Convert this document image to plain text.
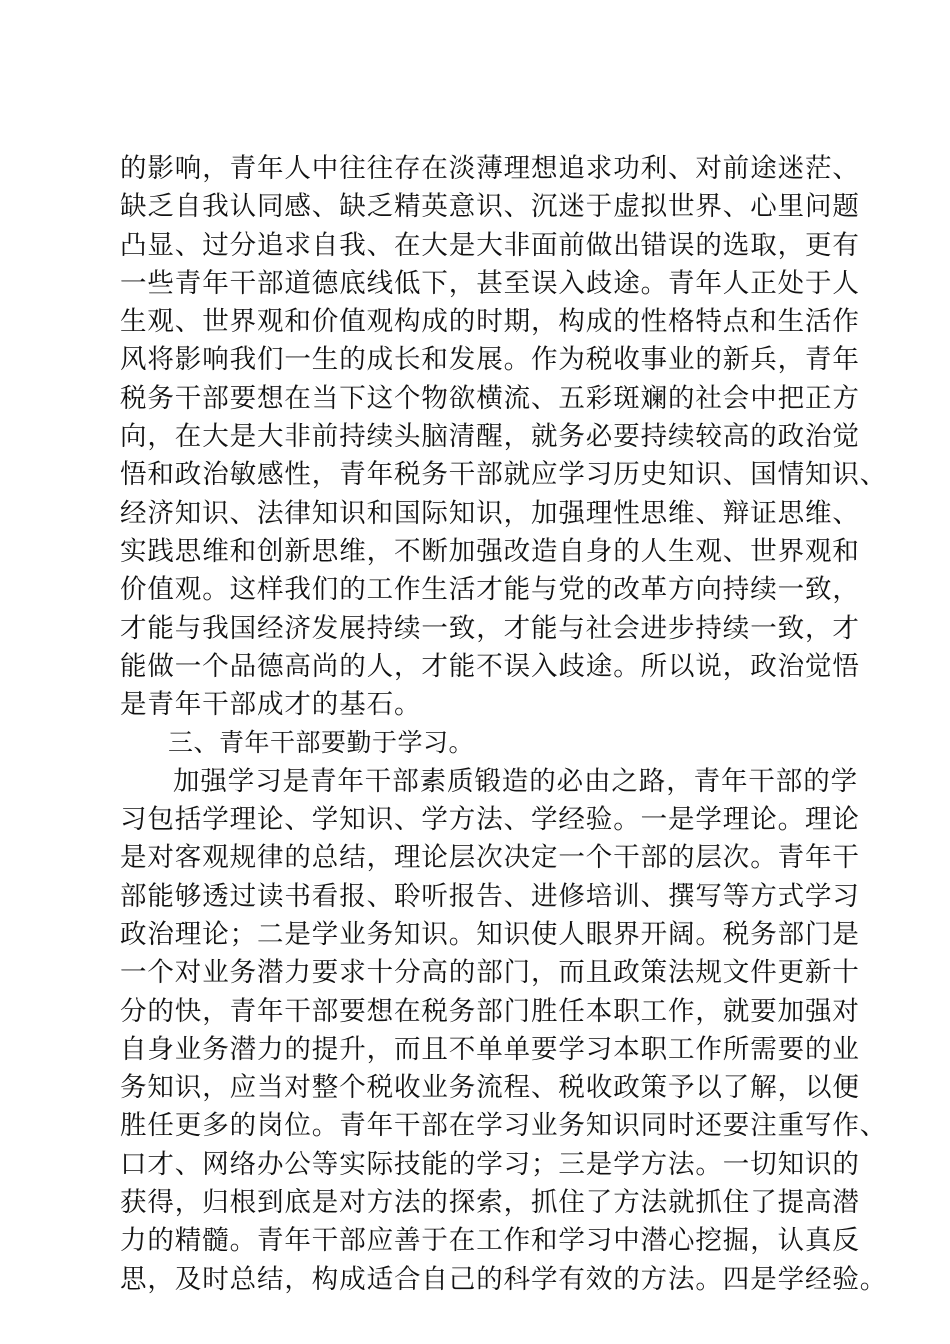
的影响，青年人中往往存在淡薄理想追求功利、对前途迷茫、
缺乏自我认同感、缺乏精英意识、沉迷于虚拟世界、心里问题
凸显、过分追求自我、在大是大非面前做出错误的选取，更有
一些青年干部道德底线低下，甚至误入歧途。青年人正处于人
生观、世界观和价值观构成的时期，构成的性格特点和生活作
风将影响我们一生的成长和发展。作为税收事业的新兵，青年
税务干部要想在当下这个物欲横流、五彩斑斓的社会中把正方
向，在大是大非前持续头脑清醒，就务必要持续较高的政治觉
悟和政治敏感性，青年税务干部就应学习历史知识、国情知识、
经济知识、法律知识和国际知识，加强理性思维、辩证思维、
实践思维和创新思维，不断加强改造自身的人生观、世界观和
价值观。这样我们的工作生活才能与党的改革方向持续一致，
才能与我国经济发展持续一致，才能与社会进步持续一致，才
能做一个品德高尚的人，才能不误入歧途。所以说，政治觉悟
是青年干部成才的基石。
三、青年干部要勤于学习。
加强学习是青年干部素质锻造的必由之路，青年干部的学
习包括学理论、学知识、学方法、学经验。一是学理论。理论
是对客观规律的总结，理论层次决定一个干部的层次。青年干
部能够透过读书看报、聆听报告、进修培训、撰写等方式学习
政治理论；二是学业务知识。知识使人眼界开阔。税务部门是
一个对业务潜力要求十分高的部门，而且政策法规文件更新十
分的快，青年干部要想在税务部门胜任本职工作，就要加强对
自身业务潜力的提升，而且不单单要学习本职工作所需要的业
务知识，应当对整个税收业务流程、税收政策予以了解，以便
胜任更多的岗位。青年干部在学习业务知识同时还要注重写作、
口才、网络办公等实际技能的学习；三是学方法。一切知识的
获得，归根到底是对方法的探索，抓住了方法就抓住了提高潜
力的精髓。青年干部应善于在工作和学习中潜心挖掘，认真反
思，及时总结，构成适合自己的科学有效的方法。四是学经验。
